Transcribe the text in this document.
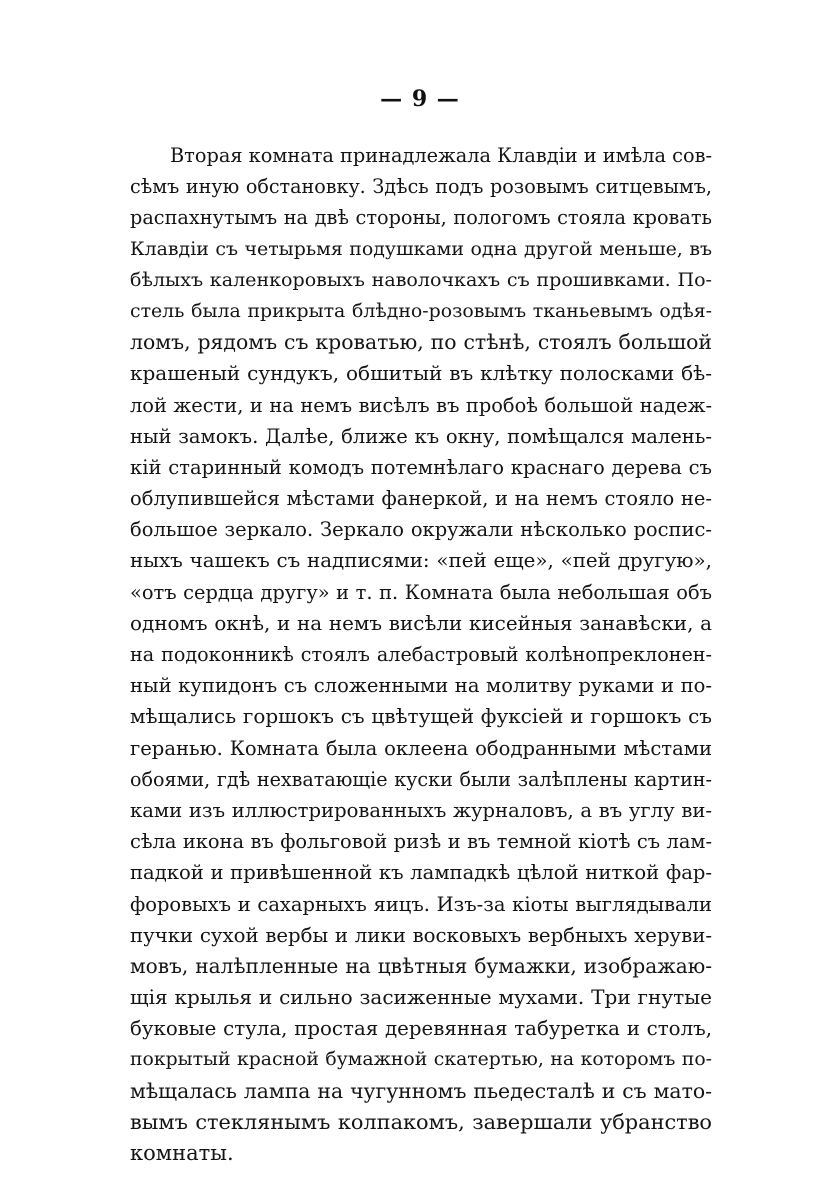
— 9 —
Вторая комната принадлежала Клавдіи и имѣла сов-
сѣмъ иную обстановку. Здѣсь подъ розовымъ ситцевымъ,
распахнутымъ на двѣ стороны, пологомъ стояла кровать
Клавдіи съ четырьмя подушками одна другой меньше, въ
бѣлыхъ каленкоровыхъ наволочкахъ съ прошивками. По-
стель была прикрыта блѣдно-розовымъ тканьевымъ одѣя-
ломъ, рядомъ съ кроватью, по стѣнѣ, стоялъ большой
крашеный сундукъ, обшитый въ клѣтку полосками бѣ-
лой жести, и на немъ висѣлъ въ пробоѣ большой надеж-
ный замокъ. Далѣе, ближе къ окну, помѣщался малень-
кій старинный комодъ потемнѣлаго краснаго дерева съ
облупившейся мѣстами фанеркой, и на немъ стояло не-
большое зеркало. Зеркало окружали нѣсколько роспис-
ныхъ чашекъ съ надписями: «пей еще», «пей другую»,
«отъ сердца другу» и т. п. Комната была небольшая объ
одномъ окнѣ, и на немъ висѣли кисейныя занавѣски, а
на подоконникѣ стоялъ алебастровый колѣнопреклонен-
ный купидонъ съ сложенными на молитву руками и по-
мѣщались горшокъ съ цвѣтущей фуксіей и горшокъ съ
геранью. Комната была оклеена ободранными мѣстами
обоями, гдѣ нехватающіе куски были залѣплены картин-
ками изъ иллюстрированныхъ журналовъ, а въ углу ви-
сѣла икона въ фольговой ризѣ и въ темной кіотѣ съ лам-
падкой и привѣшенной къ лампадкѣ цѣлой ниткой фар-
форовыхъ и сахарныхъ яицъ. Изъ-за кіоты выглядывали
пучки сухой вербы и лики восковыхъ вербныхъ херуви-
мовъ, налѣпленные на цвѣтныя бумажки, изображаю-
щія крылья и сильно засиженные мухами. Три гнутые
буковые стула, простая деревянная табуретка и столъ,
покрытый красной бумажной скатертью, на которомъ по-
мѣщалась лампа на чугунномъ пьедесталѣ и съ мато-
вымъ стеклянымъ колпакомъ, завершали убранство
комнаты.
